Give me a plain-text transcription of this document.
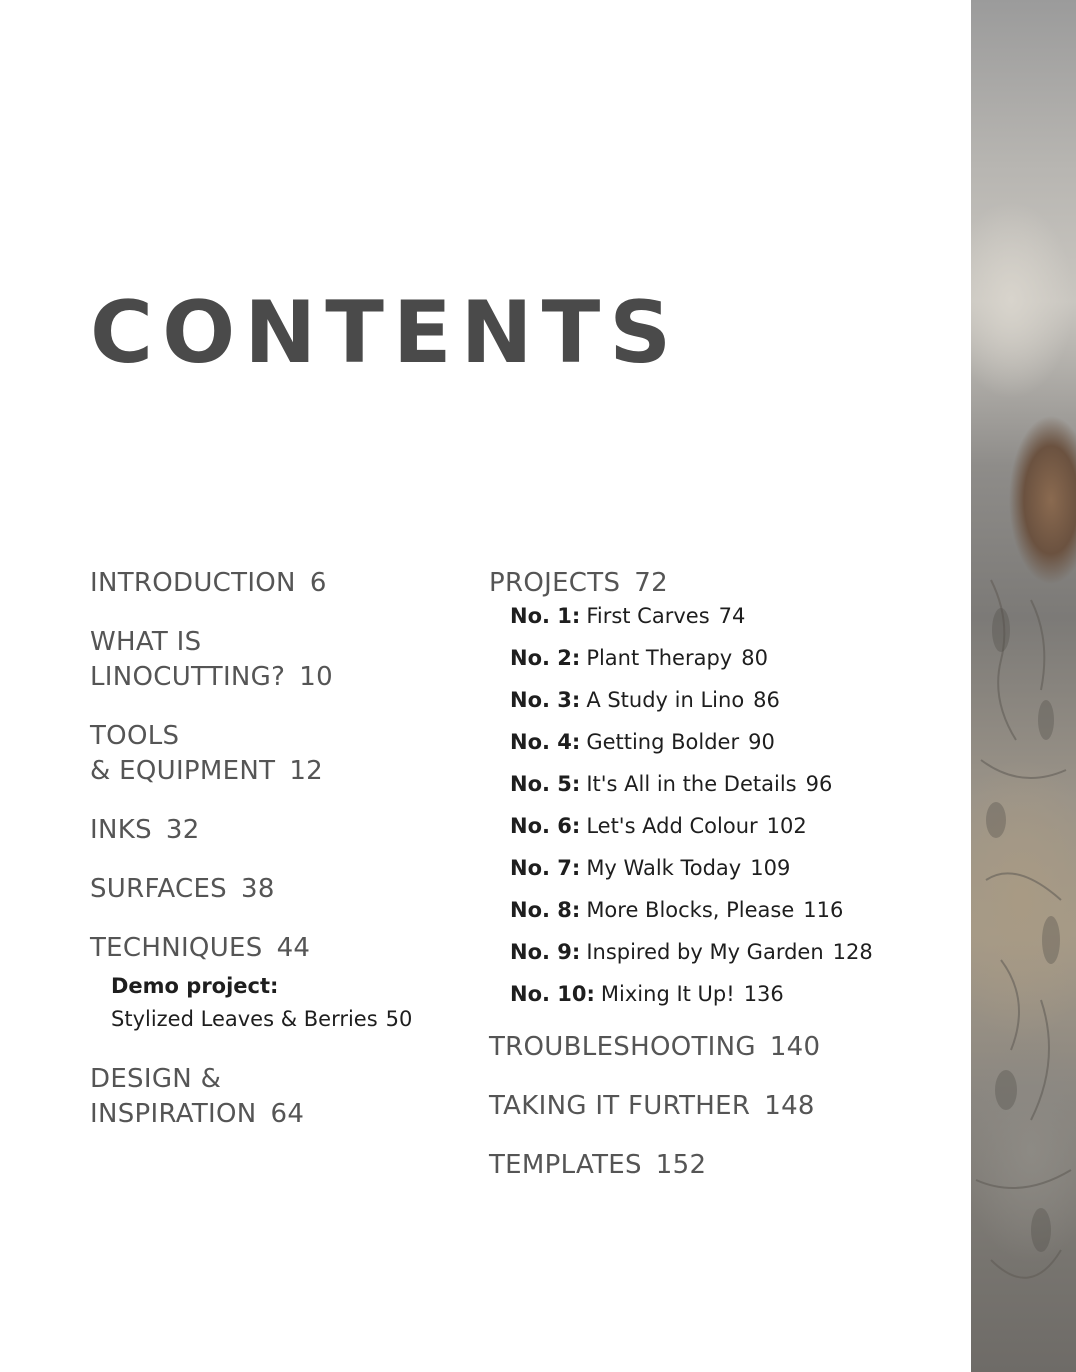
CONTENTS
INTRODUCTION 6
WHAT IS
LINOCUTTING? 10
TOOLS
& EQUIPMENT 12
INKS 32
SURFACES 38
TECHNIQUES 44
Demo project:
Stylized Leaves & Berries 50
DESIGN &
INSPIRATION 64
PROJECTS 72
No. 1: First Carves 74
No. 2: Plant Therapy 80
No. 3: A Study in Lino 86
No. 4: Getting Bolder 90
No. 5: It's All in the Details 96
No. 6: Let's Add Colour 102
No. 7: My Walk Today 109
No. 8: More Blocks, Please 116
No. 9: Inspired by My Garden 128
No. 10: Mixing It Up! 136
TROUBLESHOOTING 140
TAKING IT FURTHER 148
TEMPLATES 152
